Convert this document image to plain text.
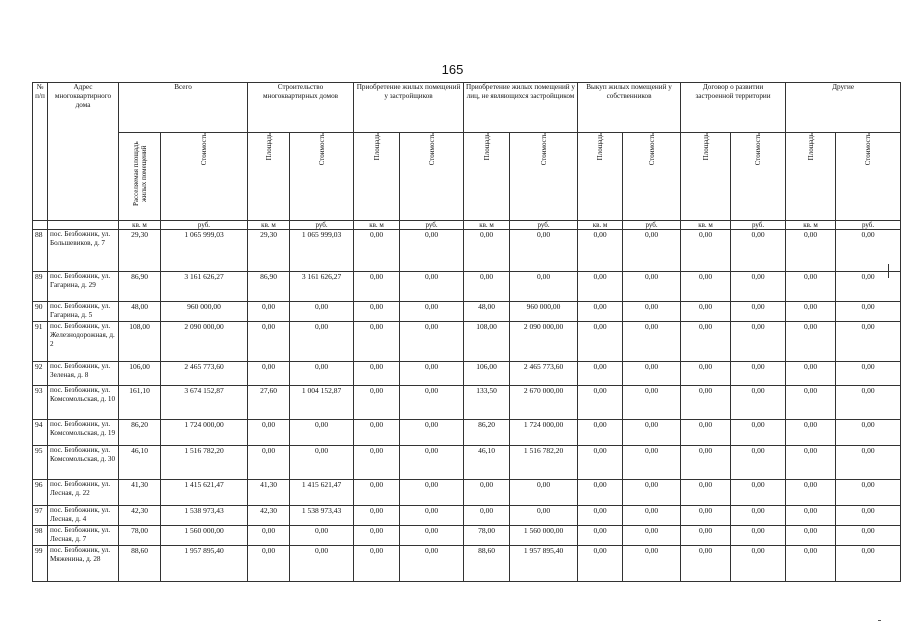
165
№ п/п	Адрес многоквартирного дома	Всего		Строительство многоквартирных домов		Приобретение жилых помещений у застройщиков		Приобретение жилых помещений у лиц, не являющихся застройщиком		Выкуп жилых помещений у собственников		Договор о развитии застроенной территории		Другие	
		Расселяемая площадь жилых помещений	Стоимость	Площадь	Стоимость	Площадь	Стоимость	Площадь	Стоимость	Площадь	Стоимость	Площадь	Стоимость	Площадь	Стоимость
		кв. м	руб.	кв. м	руб.	кв. м	руб.	кв. м	руб.	кв. м	руб.	кв. м	руб.	кв. м	руб.
88	пос. Безбожник, ул. Большевиков, д. 7	29,30	1 065 999,03	29,30	1 065 999,03	0,00	0,00	0,00	0,00	0,00	0,00	0,00	0,00	0,00	0,00
89	пос. Безбожник, ул. Гагарина, д. 29	86,90	3 161 626,27	86,90	3 161 626,27	0,00	0,00	0,00	0,00	0,00	0,00	0,00	0,00	0,00	0,00
90	пос. Безбожник, ул. Гагарина, д. 5	48,00	960 000,00	0,00	0,00	0,00	0,00	48,00	960 000,00	0,00	0,00	0,00	0,00	0,00	0,00
91	пос. Безбожник, ул. Железнодорожная, д. 2	108,00	2 090 000,00	0,00	0,00	0,00	0,00	108,00	2 090 000,00	0,00	0,00	0,00	0,00	0,00	0,00
92	пос. Безбожник, ул. Зеленая, д. 8	106,00	2 465 773,60	0,00	0,00	0,00	0,00	106,00	2 465 773,60	0,00	0,00	0,00	0,00	0,00	0,00
93	пос. Безбожник, ул. Комсомольская, д. 10	161,10	3 674 152,87	27,60	1 004 152,87	0,00	0,00	133,50	2 670 000,00	0,00	0,00	0,00	0,00	0,00	0,00
94	пос. Безбожник, ул. Комсомольская, д. 19	86,20	1 724 000,00	0,00	0,00	0,00	0,00	86,20	1 724 000,00	0,00	0,00	0,00	0,00	0,00	0,00
95	пос. Безбожник, ул. Комсомольская, д. 30	46,10	1 516 782,20	0,00	0,00	0,00	0,00	46,10	1 516 782,20	0,00	0,00	0,00	0,00	0,00	0,00
96	пос. Безбожник, ул. Лесная, д. 22	41,30	1 415 621,47	41,30	1 415 621,47	0,00	0,00	0,00	0,00	0,00	0,00	0,00	0,00	0,00	0,00
97	пос. Безбожник, ул. Лесная, д. 4	42,30	1 538 973,43	42,30	1 538 973,43	0,00	0,00	0,00	0,00	0,00	0,00	0,00	0,00	0,00	0,00
98	пос. Безбожник, ул. Лесная, д. 7	78,00	1 560 000,00	0,00	0,00	0,00	0,00	78,00	1 560 000,00	0,00	0,00	0,00	0,00	0,00	0,00
99	пос. Безбожник, ул. Мяженина, д. 28	88,60	1 957 895,40	0,00	0,00	0,00	0,00	88,60	1 957 895,40	0,00	0,00	0,00	0,00	0,00	0,00
